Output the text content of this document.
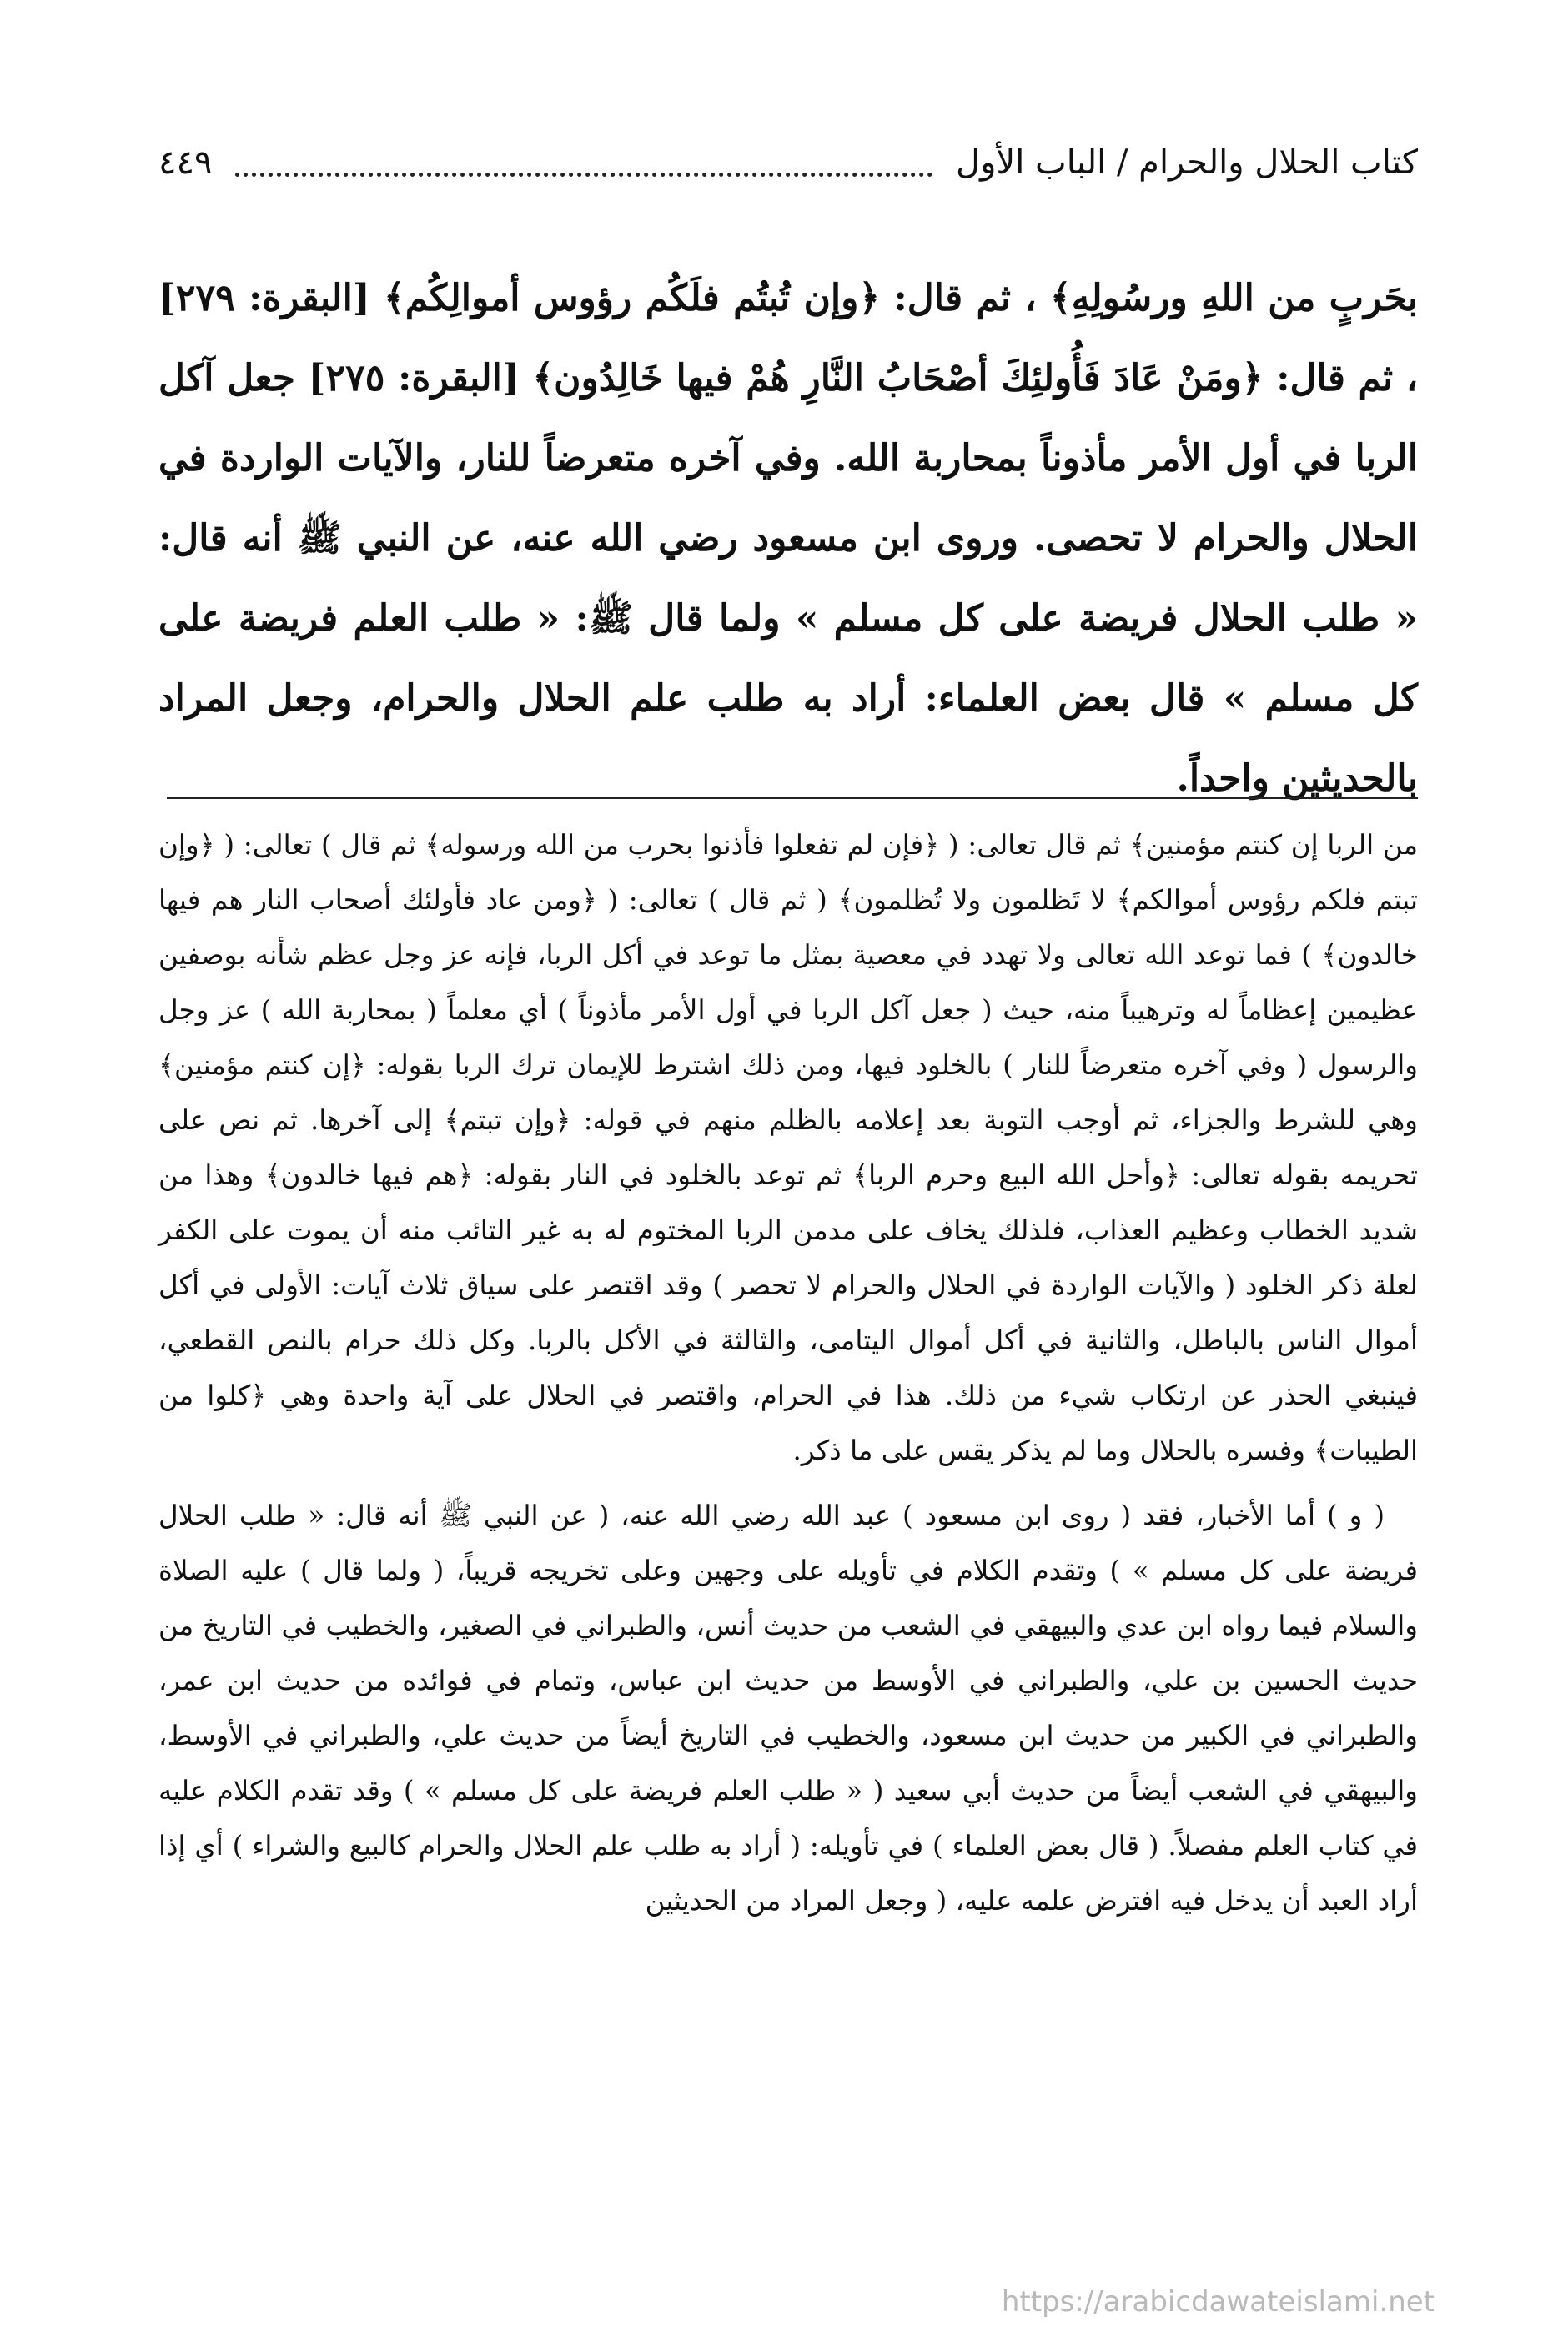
كتاب الحلال والحرام / الباب الأول
٤٤٩

بحَربٍ من اللهِ ورسُولِهِ﴾ ، ثم قال: ﴿وإن تُبتُم فلَكُم رؤوس أموالِكُم﴾ [البقرة: ٢٧٩] ، ثم قال: ﴿ومَنْ عَادَ فَأُولئِكَ أصْحَابُ النَّارِ هُمْ فيها خَالِدُون﴾ [البقرة: ٢٧٥] جعل آكل الربا في أول الأمر مأذوناً بمحاربة الله. وفي آخره متعرضاً للنار، والآيات الواردة في الحلال والحرام لا تحصى. وروى ابن مسعود رضي الله عنه، عن النبي ﷺ أنه قال: « طلب الحلال فريضة على كل مسلم » ولما قال ﷺ: « طلب العلم فريضة على كل مسلم » قال بعض العلماء: أراد به طلب علم الحلال والحرام، وجعل المراد بالحديثين واحداً.

من الربا إن كنتم مؤمنين﴾ ثم قال تعالى: ( ﴿فإن لم تفعلوا فأذنوا بحرب من الله ورسوله﴾ ثم قال ) تعالى: ( ﴿وإن تبتم فلكم رؤوس أموالكم﴾ لا تَظلمون ولا تُظلمون﴾ ( ثم قال ) تعالى: ( ﴿ومن عاد فأولئك أصحاب النار هم فيها خالدون﴾ ) فما توعد الله تعالى ولا تهدد في معصية بمثل ما توعد في أكل الربا، فإنه عز وجل عظم شأنه بوصفين عظيمين إعظاماً له وترهيباً منه، حيث ( جعل آكل الربا في أول الأمر مأذوناً ) أي معلماً ( بمحاربة الله ) عز وجل والرسول ( وفي آخره متعرضاً للنار ) بالخلود فيها، ومن ذلك اشترط للإيمان ترك الربا بقوله: ﴿إن كنتم مؤمنين﴾ وهي للشرط والجزاء، ثم أوجب التوبة بعد إعلامه بالظلم منهم في قوله: ﴿وإن تبتم﴾ إلى آخرها. ثم نص على تحريمه بقوله تعالى: ﴿وأحل الله البيع وحرم الربا﴾ ثم توعد بالخلود في النار بقوله: ﴿هم فيها خالدون﴾ وهذا من شديد الخطاب وعظيم العذاب، فلذلك يخاف على مدمن الربا المختوم له به غير التائب منه أن يموت على الكفر لعلة ذكر الخلود ( والآيات الواردة في الحلال والحرام لا تحصر ) وقد اقتصر على سياق ثلاث آيات: الأولى في أكل أموال الناس بالباطل، والثانية في أكل أموال اليتامى، والثالثة في الأكل بالربا. وكل ذلك حرام بالنص القطعي، فينبغي الحذر عن ارتكاب شيء من ذلك. هذا في الحرام، واقتصر في الحلال على آية واحدة وهي ﴿كلوا من الطيبات﴾ وفسره بالحلال وما لم يذكر يقس على ما ذكر.

( و ) أما الأخبار، فقد ( روى ابن مسعود ) عبد الله رضي الله عنه، ( عن النبي ﷺ أنه قال: « طلب الحلال فريضة على كل مسلم » ) وتقدم الكلام في تأويله على وجهين وعلى تخريجه قريباً، ( ولما قال ) عليه الصلاة والسلام فيما رواه ابن عدي والبيهقي في الشعب من حديث أنس، والطبراني في الصغير، والخطيب في التاريخ من حديث الحسين بن علي، والطبراني في الأوسط من حديث ابن عباس، وتمام في فوائده من حديث ابن عمر، والطبراني في الكبير من حديث ابن مسعود، والخطيب في التاريخ أيضاً من حديث علي، والطبراني في الأوسط، والبيهقي في الشعب أيضاً من حديث أبي سعيد ( « طلب العلم فريضة على كل مسلم » ) وقد تقدم الكلام عليه في كتاب العلم مفصلاً. ( قال بعض العلماء ) في تأويله: ( أراد به طلب علم الحلال والحرام كالبيع والشراء ) أي إذا أراد العبد أن يدخل فيه افترض علمه عليه، ( وجعل المراد من الحديثين

https://arabicdawateislami.net
